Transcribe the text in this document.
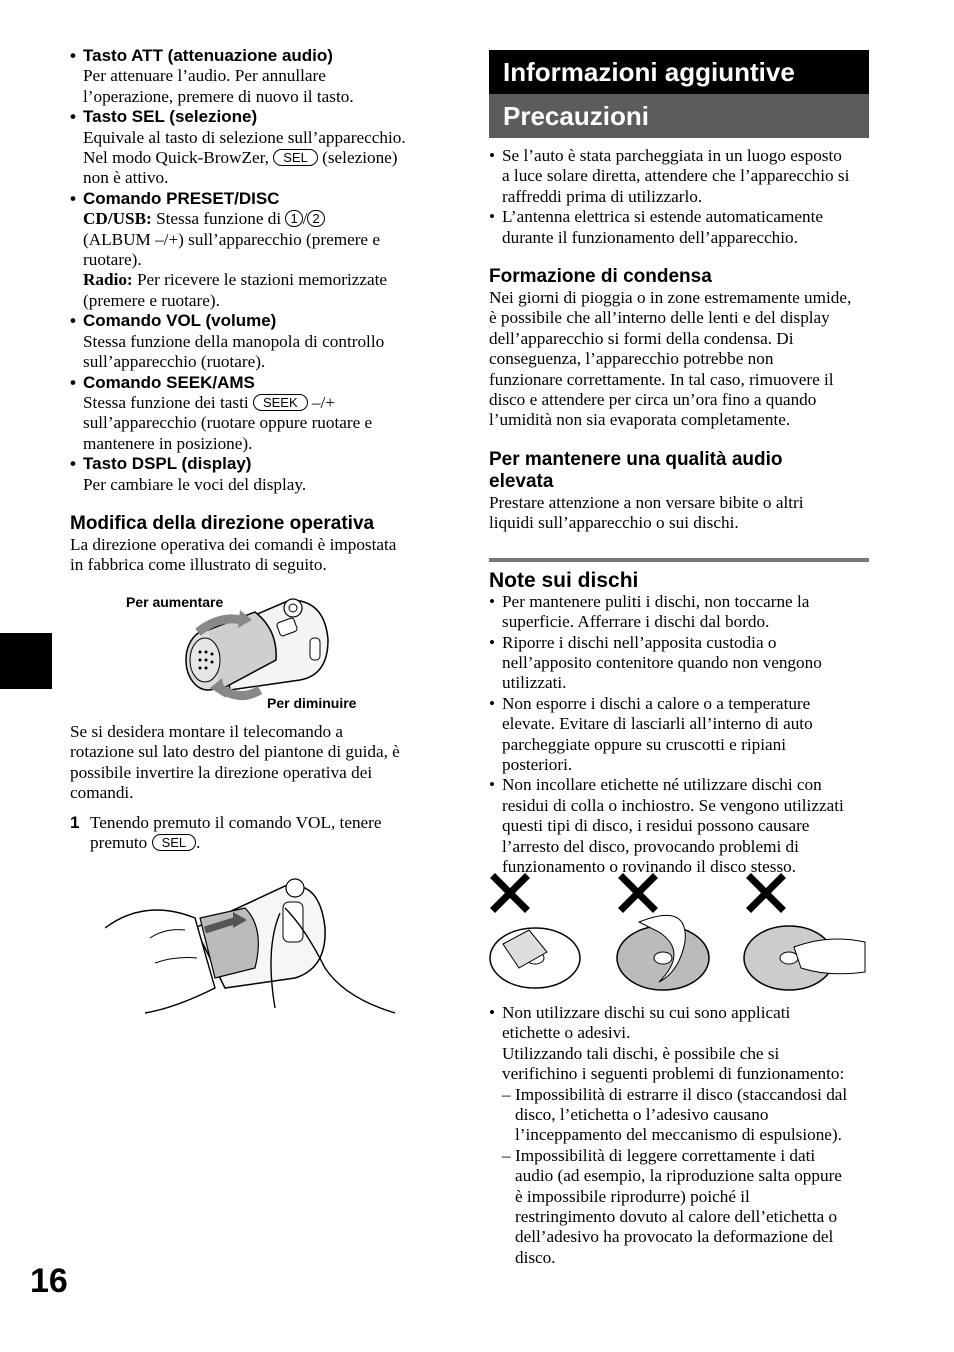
• Tasto ATT (attenuazione audio)
Per attenuare l’audio. Per annullare
l’operazione, premere di nuovo il tasto.
• Tasto SEL (selezione)
Equivale al tasto di selezione sull’apparecchio.
Nel modo Quick-BrowZer, SEL (selezione)
non è attivo.
• Comando PRESET/DISC
CD/USB: Stessa funzione di 1 / 2
(ALBUM –/+) sull’apparecchio (premere e
ruotare).
Radio: Per ricevere le stazioni memorizzate
(premere e ruotare).
• Comando VOL (volume)
Stessa funzione della manopola di controllo
sull’apparecchio (ruotare).
• Comando SEEK/AMS
Stessa funzione dei tasti SEEK –/+
sull’apparecchio (ruotare oppure ruotare e
mantenere in posizione).
• Tasto DSPL (display)
Per cambiare le voci del display.
Modifica della direzione operativa
La direzione operativa dei comandi è impostata
in fabbrica come illustrato di seguito.
Per aumentare
Per diminuire
Se si desidera montare il telecomando a
rotazione sul lato destro del piantone di guida, è
possibile invertire la direzione operativa dei
comandi.
1 Tenendo premuto il comando VOL, tenere
premuto SEL .
Informazioni aggiuntive
Precauzioni
• Se l’auto è stata parcheggiata in un luogo esposto
a luce solare diretta, attendere che l’apparecchio si
raffreddi prima di utilizzarlo.
• L’antenna elettrica si estende automaticamente
durante il funzionamento dell’apparecchio.
Formazione di condensa
Nei giorni di pioggia o in zone estremamente umide,
è possibile che all’interno delle lenti e del display
dell’apparecchio si formi della condensa. Di
conseguenza, l’apparecchio potrebbe non
funzionare correttamente. In tal caso, rimuovere il
disco e attendere per circa un’ora fino a quando
l’umidità non sia evaporata completamente.
Per mantenere una qualità audio
elevata
Prestare attenzione a non versare bibite o altri
liquidi sull’apparecchio o sui dischi.
Note sui dischi
• Per mantenere puliti i dischi, non toccarne la
superficie. Afferrare i dischi dal bordo.
• Riporre i dischi nell’apposita custodia o
nell’apposito contenitore quando non vengono
utilizzati.
• Non esporre i dischi a calore o a temperature
elevate. Evitare di lasciarli all’interno di auto
parcheggiate oppure su cruscotti e ripiani
posteriori.
• Non incollare etichette né utilizzare dischi con
residui di colla o inchiostro. Se vengono utilizzati
questi tipi di disco, i residui possono causare
l’arresto del disco, provocando problemi di
funzionamento o rovinando il disco stesso.
• Non utilizzare dischi su cui sono applicati
etichette o adesivi.
Utilizzando tali dischi, è possibile che si
verifichino i seguenti problemi di funzionamento:
– Impossibilità di estrarre il disco (staccandosi dal
disco, l’etichetta o l’adesivo causano
l’inceppamento del meccanismo di espulsione).
– Impossibilità di leggere correttamente i dati
audio (ad esempio, la riproduzione salta oppure
è impossibile riprodurre) poiché il
restringimento dovuto al calore dell’etichetta o
dell’adesivo ha provocato la deformazione del
disco.
16
